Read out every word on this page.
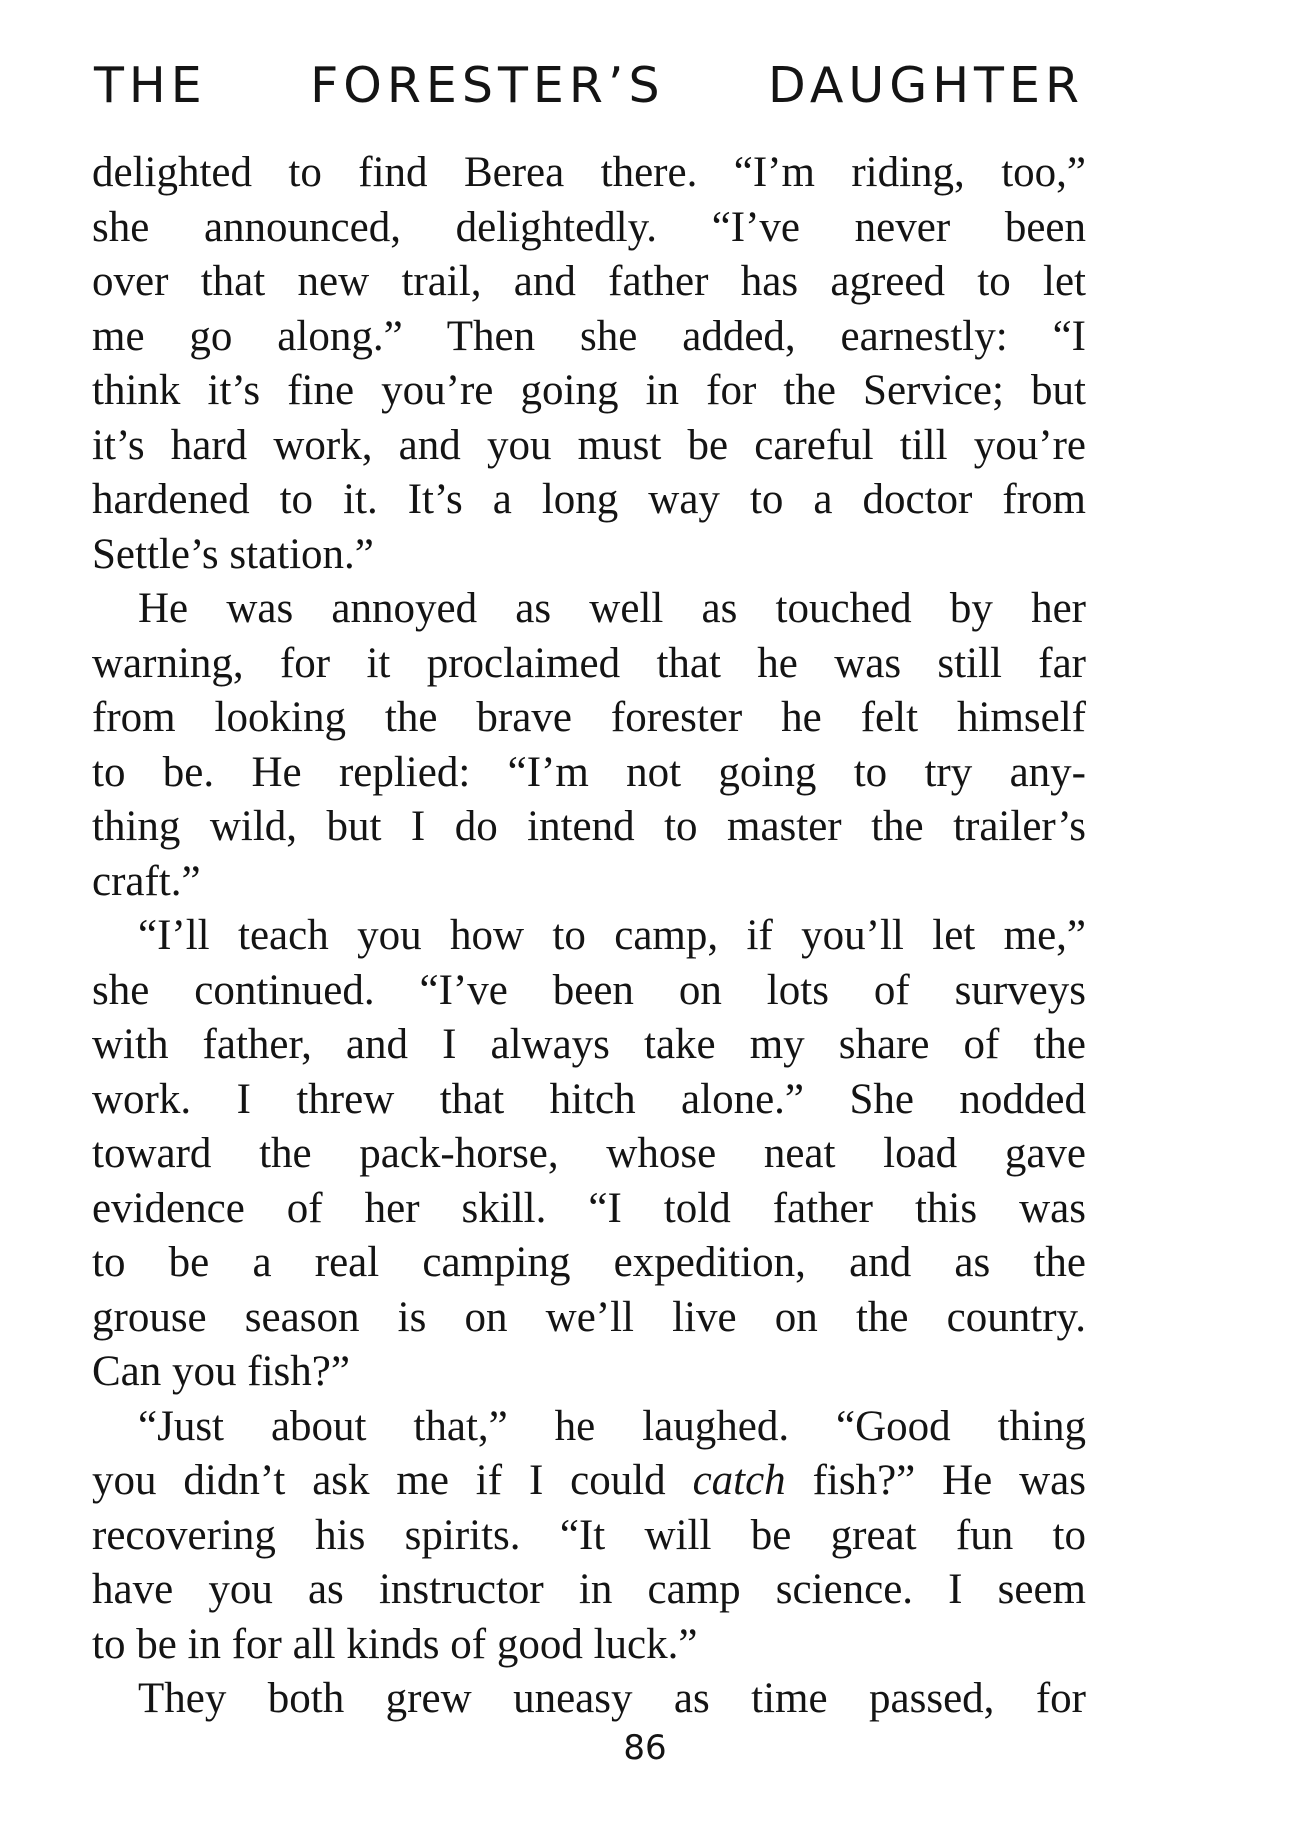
THE FORESTER’S DAUGHTER
delighted to find Berea there. “I’m riding, too,”
she announced, delightedly. “I’ve never been
over that new trail, and father has agreed to let
me go along.” Then she added, earnestly: “I
think it’s fine you’re going in for the Service; but
it’s hard work, and you must be careful till you’re
hardened to it. It’s a long way to a doctor from
Settle’s station.”
He was annoyed as well as touched by her
warning, for it proclaimed that he was still far
from looking the brave forester he felt himself
to be. He replied: “I’m not going to try any-
thing wild, but I do intend to master the trailer’s
craft.”
“I’ll teach you how to camp, if you’ll let me,”
she continued. “I’ve been on lots of surveys
with father, and I always take my share of the
work. I threw that hitch alone.” She nodded
toward the pack-horse, whose neat load gave
evidence of her skill. “I told father this was
to be a real camping expedition, and as the
grouse season is on we’ll live on the country.
Can you fish?”
“Just about that,” he laughed. “Good thing
you didn’t ask me if I could catch fish?” He was
recovering his spirits. “It will be great fun to
have you as instructor in camp science. I seem
to be in for all kinds of good luck.”
They both grew uneasy as time passed, for
86
